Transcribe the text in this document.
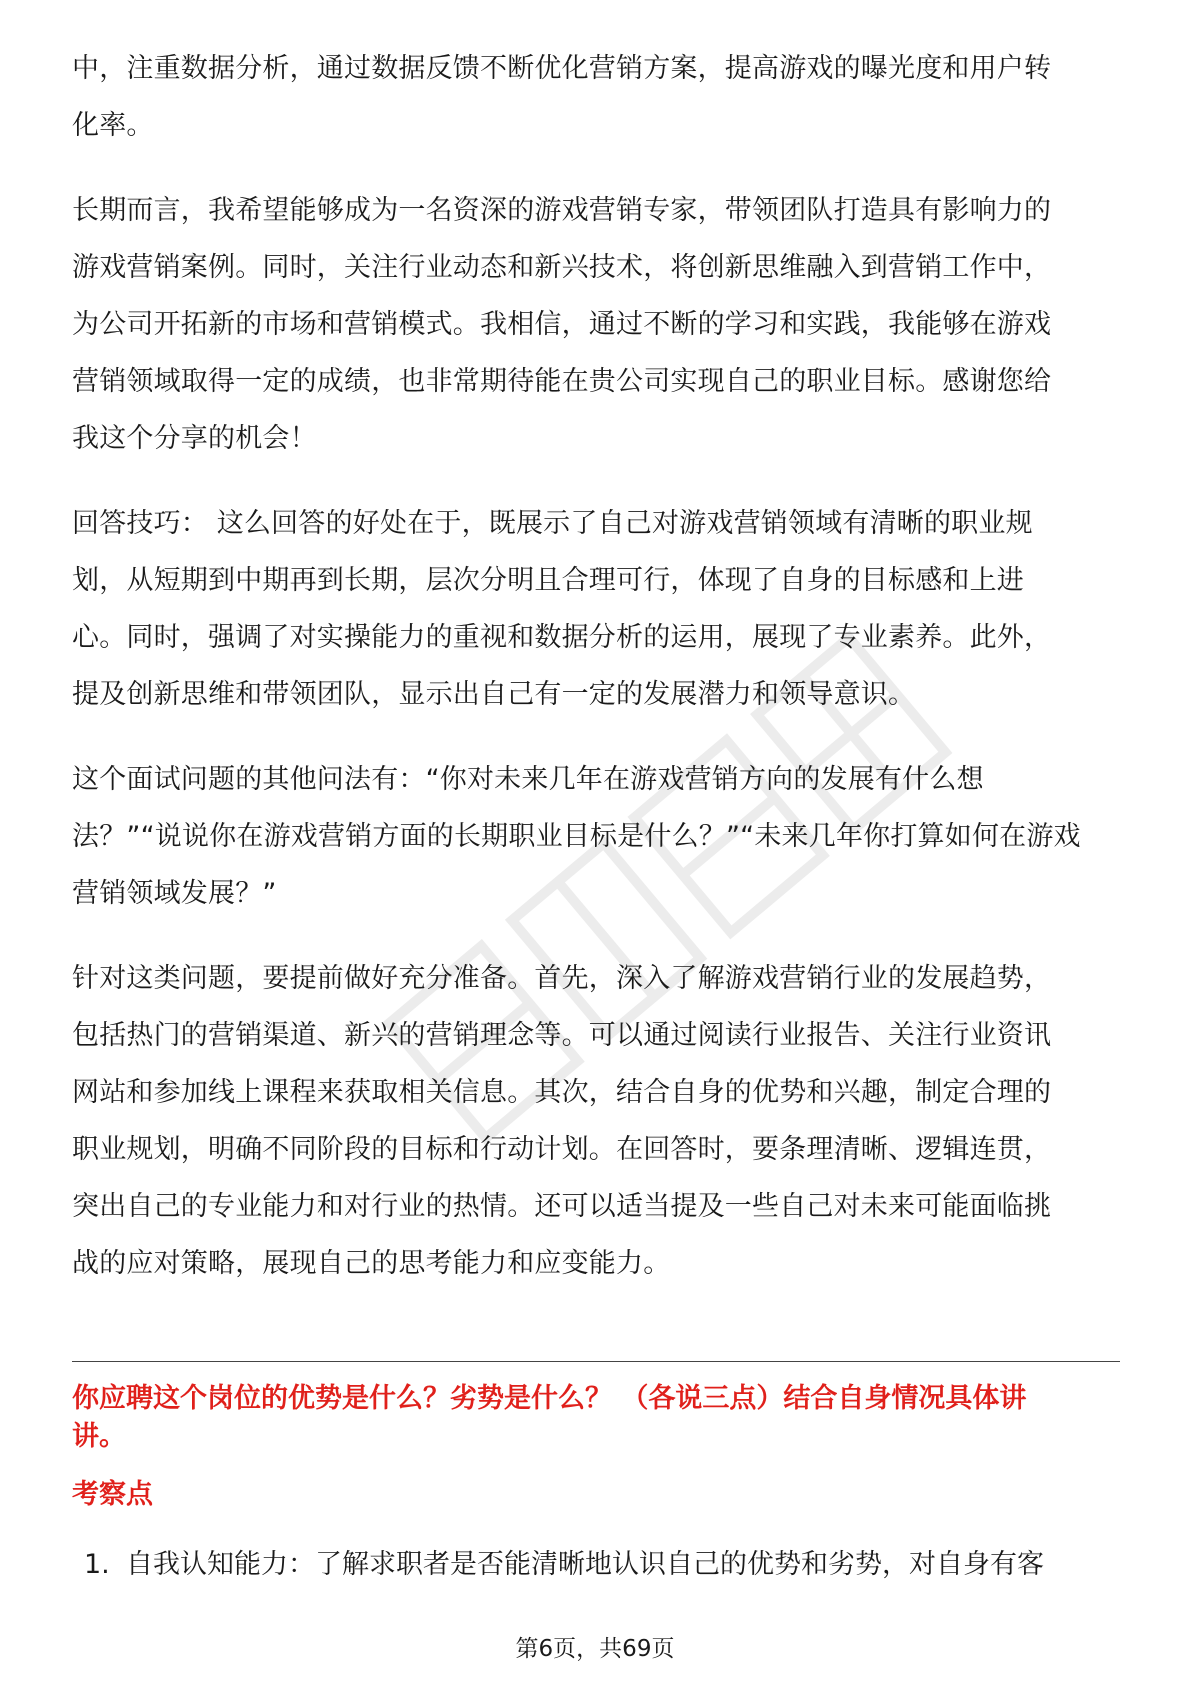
中，注重数据分析，通过数据反馈不断优化营销方案，提高游戏的曝光度和用户转
化率。

长期而言，我希望能够成为一名资深的游戏营销专家，带领团队打造具有影响力的
游戏营销案例。同时，关注行业动态和新兴技术，将创新思维融入到营销工作中，
为公司开拓新的市场和营销模式。我相信，通过不断的学习和实践，我能够在游戏
营销领域取得一定的成绩，也非常期待能在贵公司实现自己的职业目标。感谢您给
我这个分享的机会！

回答技巧： 这么回答的好处在于，既展示了自己对游戏营销领域有清晰的职业规
划，从短期到中期再到长期，层次分明且合理可行，体现了自身的目标感和上进
心。同时，强调了对实操能力的重视和数据分析的运用，展现了专业素养。此外，
提及创新思维和带领团队，显示出自己有一定的发展潜力和领导意识。

这个面试问题的其他问法有：“你对未来几年在游戏营销方向的发展有什么想
法？”“说说你在游戏营销方面的长期职业目标是什么？”“未来几年你打算如何在游戏
营销领域发展？”

针对这类问题，要提前做好充分准备。首先，深入了解游戏营销行业的发展趋势，
包括热门的营销渠道、新兴的营销理念等。可以通过阅读行业报告、关注行业资讯
网站和参加线上课程来获取相关信息。其次，结合自身的优势和兴趣，制定合理的
职业规划，明确不同阶段的目标和行动计划。在回答时，要条理清晰、逻辑连贯，
突出自己的专业能力和对行业的热情。还可以适当提及一些自己对未来可能面临挑
战的应对策略，展现自己的思考能力和应变能力。

你应聘这个岗位的优势是什么？劣势是什么？ （各说三点）结合自身情况具体讲
讲。
考察点
1. 自我认知能力：了解求职者是否能清晰地认识自己的优势和劣势，对自身有客
第6页，共69页
